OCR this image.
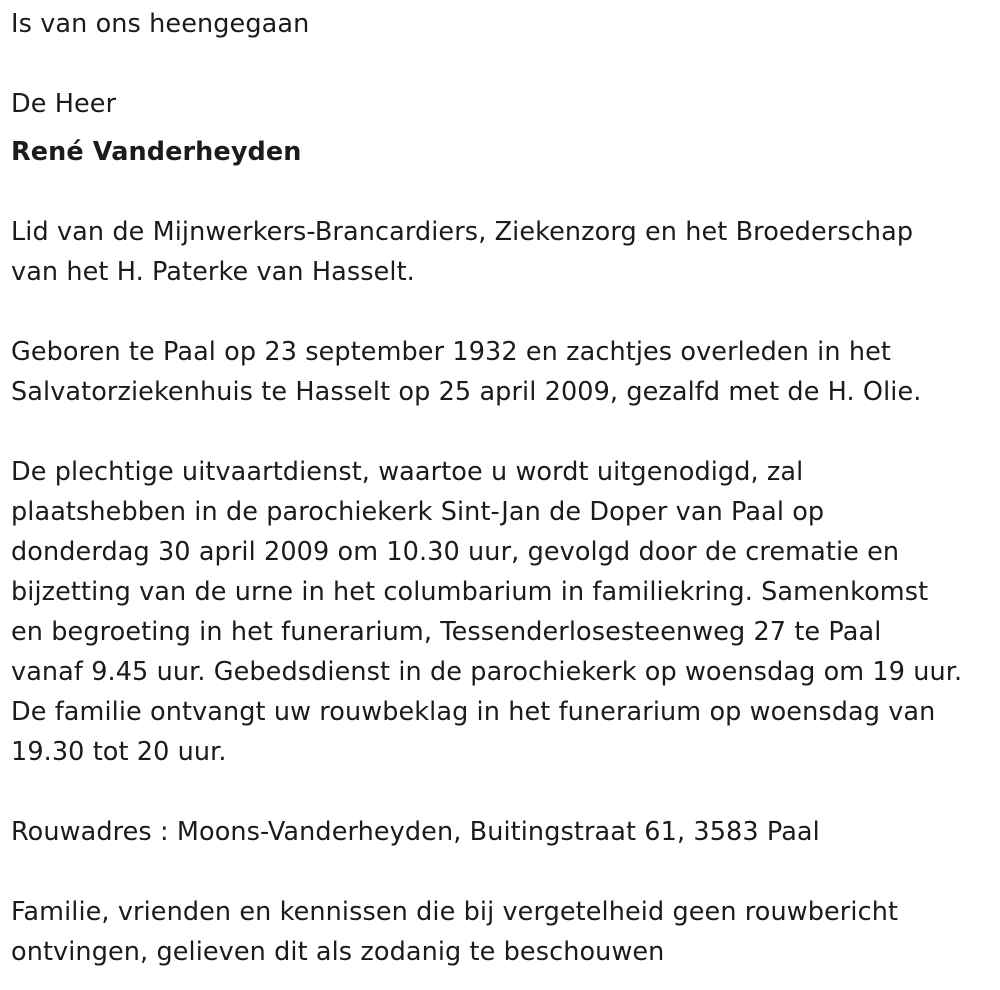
Is van ons heengegaan

De Heer

René Vanderheyden

Lid van de Mijnwerkers-Brancardiers, Ziekenzorg en het Broederschap

van het H. Paterke van Hasselt.

Geboren te Paal op 23 september 1932 en zachtjes overleden in het

Salvatorziekenhuis te Hasselt op 25 april 2009, gezalfd met de H. Olie.

De plechtige uitvaartdienst, waartoe u wordt uitgenodigd, zal

plaatshebben in de parochiekerk Sint-Jan de Doper van Paal op

donderdag 30 april 2009 om 10.30 uur, gevolgd door de crematie en

bijzetting van de urne in het columbarium in familiekring. Samenkomst

en begroeting in het funerarium, Tessenderlosesteenweg 27 te Paal

vanaf 9.45 uur. Gebedsdienst in de parochiekerk op woensdag om 19 uur.

De familie ontvangt uw rouwbeklag in het funerarium op woensdag van

19.30 tot 20 uur.

Rouwadres : Moons-Vanderheyden, Buitingstraat 61, 3583 Paal

Familie, vrienden en kennissen die bij vergetelheid geen rouwbericht

ontvingen, gelieven dit als zodanig te beschouwen
